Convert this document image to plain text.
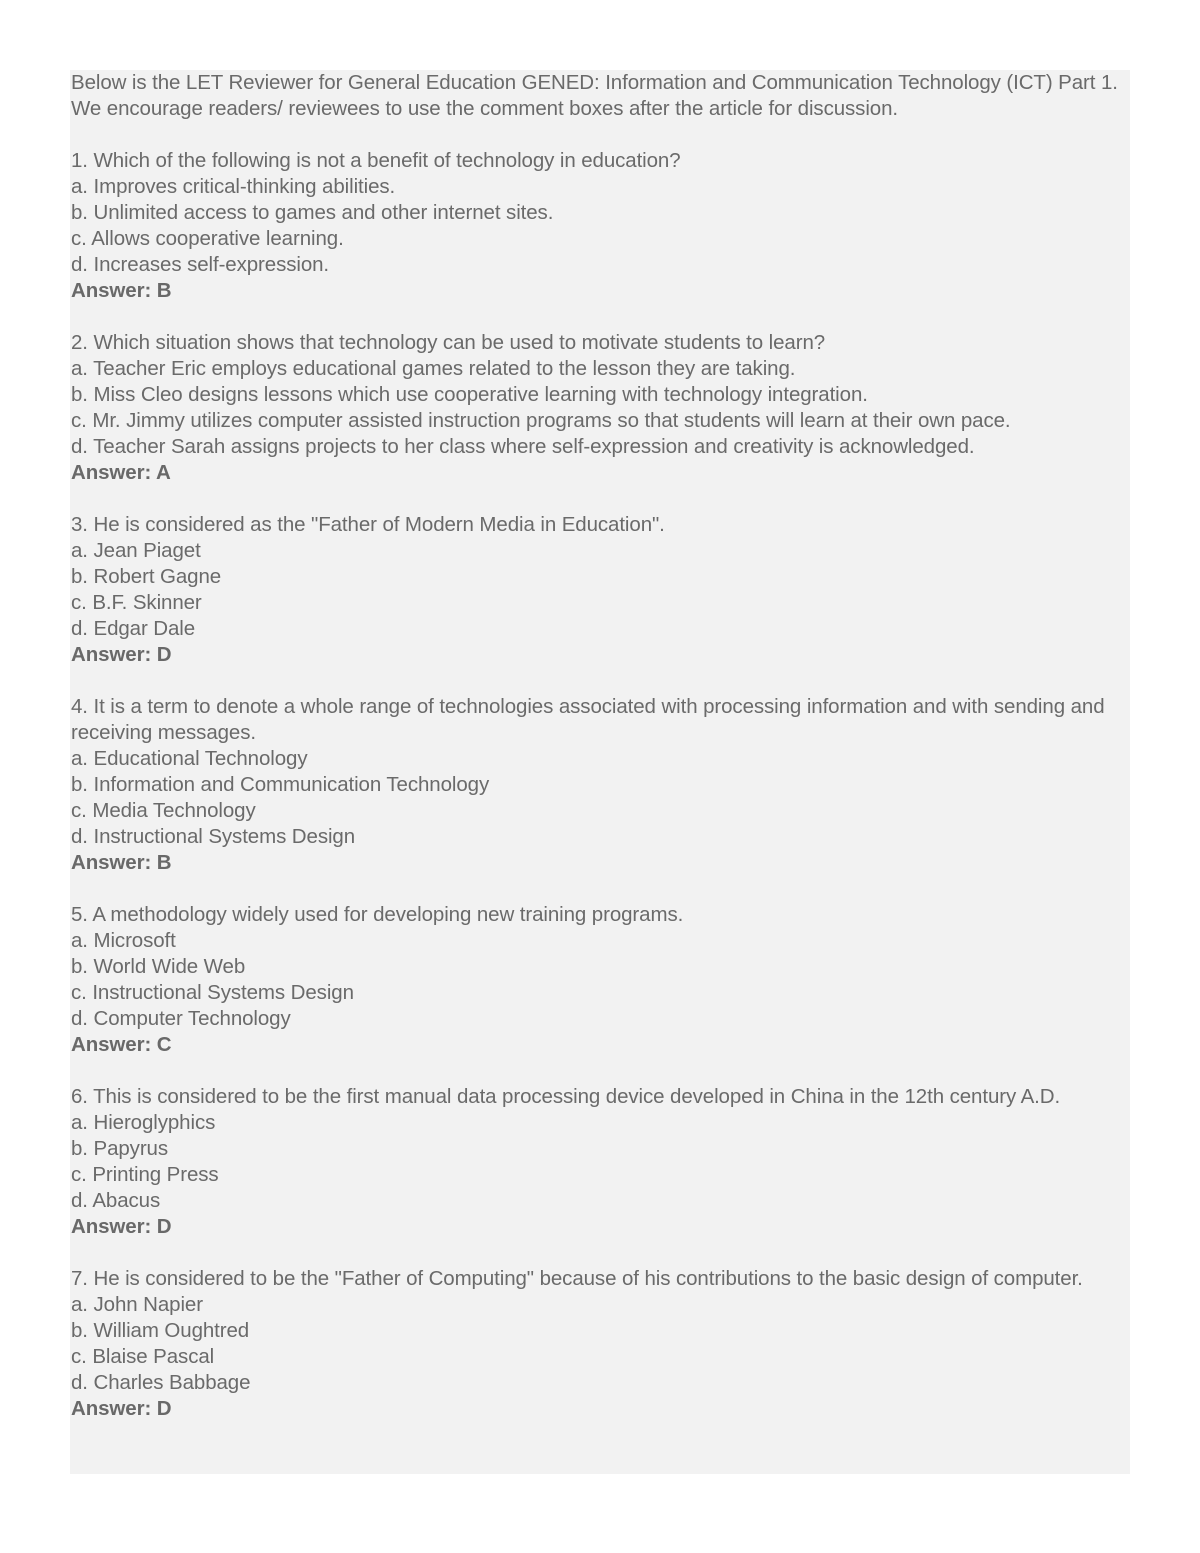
Below is the LET Reviewer for General Education GENED: Information and Communication Technology (ICT) Part 1. We encourage readers/ reviewees to use the comment boxes after the article for discussion.
1. Which of the following is not a benefit of technology in education?
a. Improves critical-thinking abilities.
b. Unlimited access to games and other internet sites.
c. Allows cooperative learning.
d. Increases self-expression.
Answer: B
2. Which situation shows that technology can be used to motivate students to learn?
a. Teacher Eric employs educational games related to the lesson they are taking.
b. Miss Cleo designs lessons which use cooperative learning with technology integration.
c. Mr. Jimmy utilizes computer assisted instruction programs so that students will learn at their own pace.
d. Teacher Sarah assigns projects to her class where self-expression and creativity is acknowledged.
Answer: A
3. He is considered as the "Father of Modern Media in Education".
a. Jean Piaget
b. Robert Gagne
c. B.F. Skinner
d. Edgar Dale
Answer: D
4. It is a term to denote a whole range of technologies associated with processing information and with sending and receiving messages.
a. Educational Technology
b. Information and Communication Technology
c. Media Technology
d. Instructional Systems Design
Answer: B
5. A methodology widely used for developing new training programs.
a. Microsoft
b. World Wide Web
c. Instructional Systems Design
d. Computer Technology
Answer: C
6. This is considered to be the first manual data processing device developed in China in the 12th century A.D.
a. Hieroglyphics
b. Papyrus
c. Printing Press
d. Abacus
Answer: D
7. He is considered to be the "Father of Computing" because of his contributions to the basic design of computer.
a. John Napier
b. William Oughtred
c. Blaise Pascal
d. Charles Babbage
Answer: D
